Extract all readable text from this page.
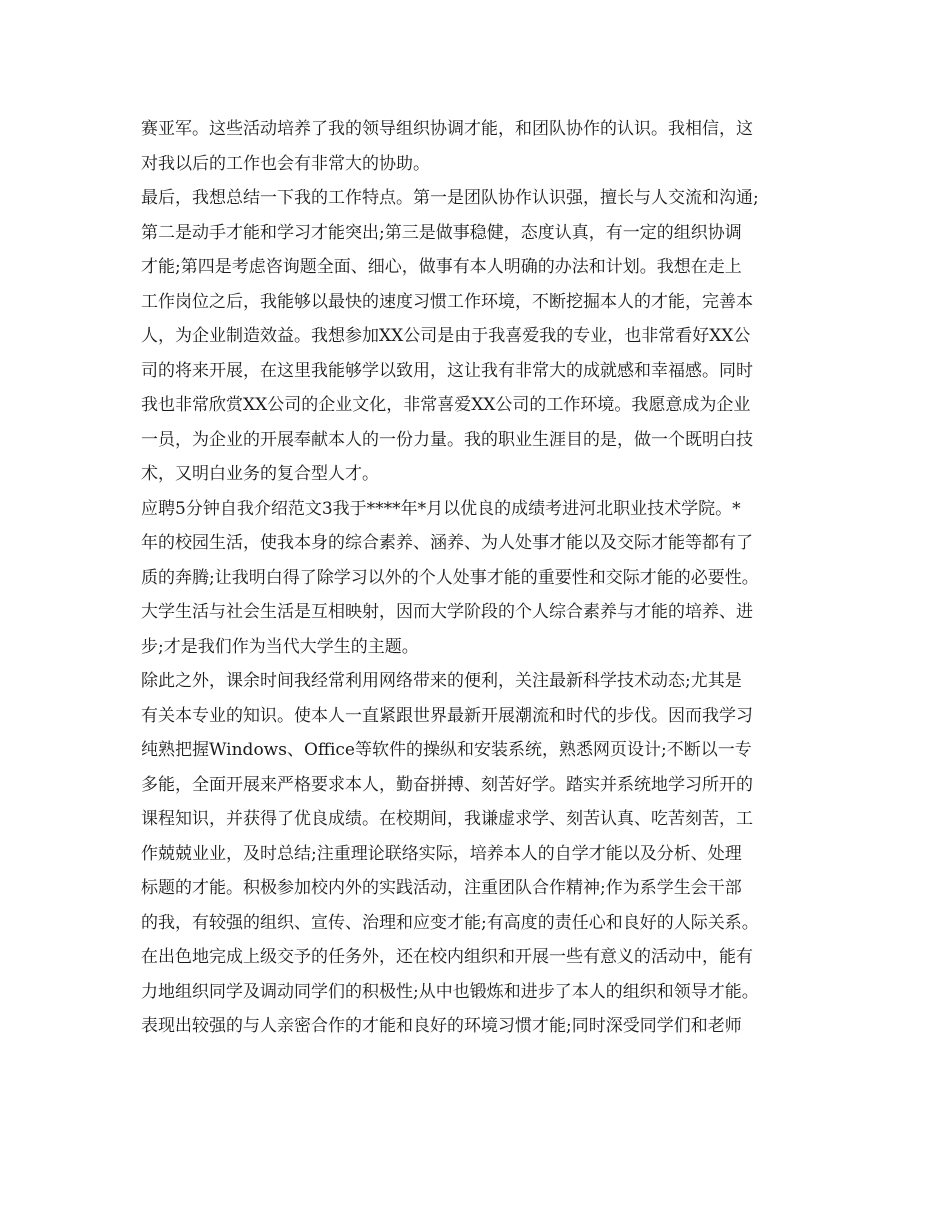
赛亚军。这些活动培养了我的领导组织协调才能，和团队协作的认识。我相信，这
对我以后的工作也会有非常大的协助。
最后，我想总结一下我的工作特点。第一是团队协作认识强，擅长与人交流和沟通;
第二是动手才能和学习才能突出;第三是做事稳健，态度认真，有一定的组织协调
才能;第四是考虑咨询题全面、细心，做事有本人明确的办法和计划。我想在走上
工作岗位之后，我能够以最快的速度习惯工作环境，不断挖掘本人的才能，完善本
人，为企业制造效益。我想参加XX公司是由于我喜爱我的专业，也非常看好XX公
司的将来开展，在这里我能够学以致用，这让我有非常大的成就感和幸福感。同时
我也非常欣赏XX公司的企业文化，非常喜爱XX公司的工作环境。我愿意成为企业
一员，为企业的开展奉献本人的一份力量。我的职业生涯目的是，做一个既明白技
术，又明白业务的复合型人才。
应聘5分钟自我介绍范文3我于****年*月以优良的成绩考进河北职业技术学院。*
年的校园生活，使我本身的综合素养、涵养、为人处事才能以及交际才能等都有了
质的奔腾;让我明白得了除学习以外的个人处事才能的重要性和交际才能的必要性。
大学生活与社会生活是互相映射，因而大学阶段的个人综合素养与才能的培养、进
步;才是我们作为当代大学生的主题。
除此之外，课余时间我经常利用网络带来的便利，关注最新科学技术动态;尤其是
有关本专业的知识。使本人一直紧跟世界最新开展潮流和时代的步伐。因而我学习
纯熟把握Windows、Office等软件的操纵和安装系统，熟悉网页设计;不断以一专
多能，全面开展来严格要求本人，勤奋拼搏、刻苦好学。踏实并系统地学习所开的
课程知识，并获得了优良成绩。在校期间，我谦虚求学、刻苦认真、吃苦刻苦，工
作兢兢业业，及时总结;注重理论联络实际，培养本人的自学才能以及分析、处理
标题的才能。积极参加校内外的实践活动，注重团队合作精神;作为系学生会干部
的我，有较强的组织、宣传、治理和应变才能;有高度的责任心和良好的人际关系。
在出色地完成上级交予的任务外，还在校内组织和开展一些有意义的活动中，能有
力地组织同学及调动同学们的积极性;从中也锻炼和进步了本人的组织和领导才能。
表现出较强的与人亲密合作的才能和良好的环境习惯才能;同时深受同学们和老师
